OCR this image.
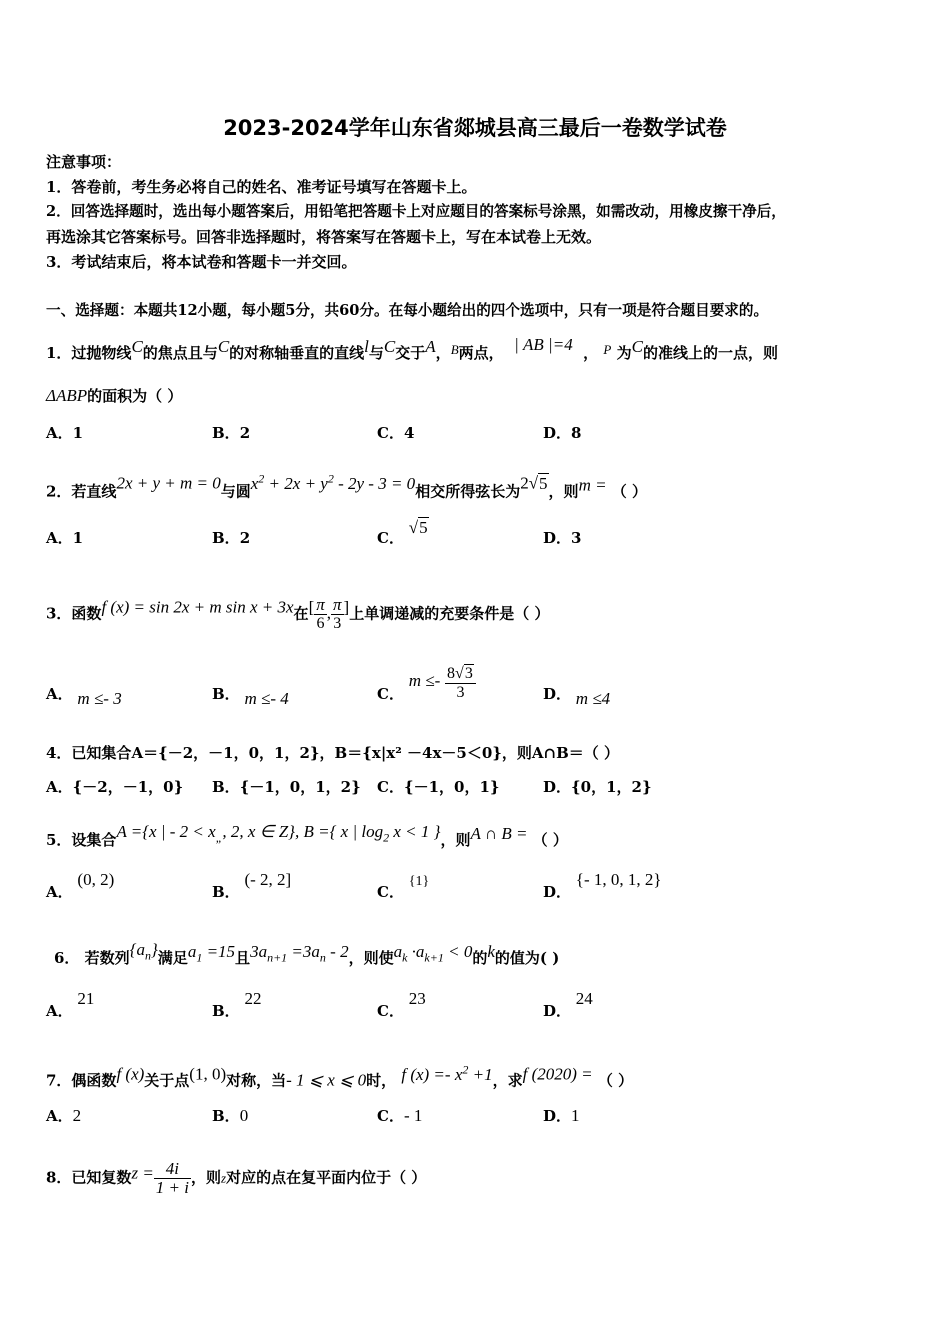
2023-2024学年山东省郯城县高三最后一卷数学试卷
注意事项：
1．答卷前，考生务必将自己的姓名、准考证号填写在答题卡上。
2．回答选择题时，选出每小题答案后，用铅笔把答题卡上对应题目的答案标号涂黑，如需改动，用橡皮擦干净后，
再选涂其它答案标号。回答非选择题时，将答案写在答题卡上，写在本试卷上无效。
3．考试结束后，将本试卷和答题卡一并交回。
一、选择题：本题共12小题，每小题5分，共60分。在每小题给出的四个选项中，只有一项是符合题目要求的。
1．过抛物线C的焦点且与C的对称轴垂直的直线l与C交于A，B两点， | AB |=4 ， P 为C的准线上的一点，则
ΔABP的面积为（ ）
A．1	B．2	C．4	D．8
2．若直线2x + y + m = 0与圆$x^2 + 2x + y^2 - 2y - 3 = 0$相交所得弦长为2√5，则m = （ ）
A．1	B．2	C． √5
D．3
3．函数f (x) = sin 2x + m sin x + 3x在[ $\frac{\pi}{6}$ , $\frac{\pi}{3}$ ]上单调递减的充要条件是（ ）
A． m ≤- 3	B． m ≤- 4	C． $m \le- \frac{8√3}{3}$	D． m ≤4
4．已知集合A＝{－2，－1，0，1，2}，B＝{x|x² －4x－5＜0}，则A∩B＝（ ）
A．{－2，－1，0} B．{－1，0，1，2} C．{－1，0，1}	D．{0，1，2}
5．设集合A ={x | - $2 < x_„$, 2, x ∈ Z}, B ={ x | $\log_2 x < 1$ }，则A ∩ B = （ ）
A． (0, 2)
B． (- 2, 2]
C． {1}
D． {- 1, 0, 1, 2}
6． 若数列$\{a_n\}$满足$a_1 =15$且$3a_{n+1} =3a_n - 2$，则使$a_k \cdot a_{k+1} < 0$的k的值为( )
A． 21
B． 22
C． 23
D． 24
7．偶函数f (x)关于点(1, 0)对称，当- 1 ⩽ x ⩽ 0时， f $(x) =- x^2 +1$，求f (2020) = （ ）
A．2	B．0	C．- 1	D．1
8．已知复数$z = \frac{4i}{1 + i}$ ，则z对应的点在复平面内位于（ ）
